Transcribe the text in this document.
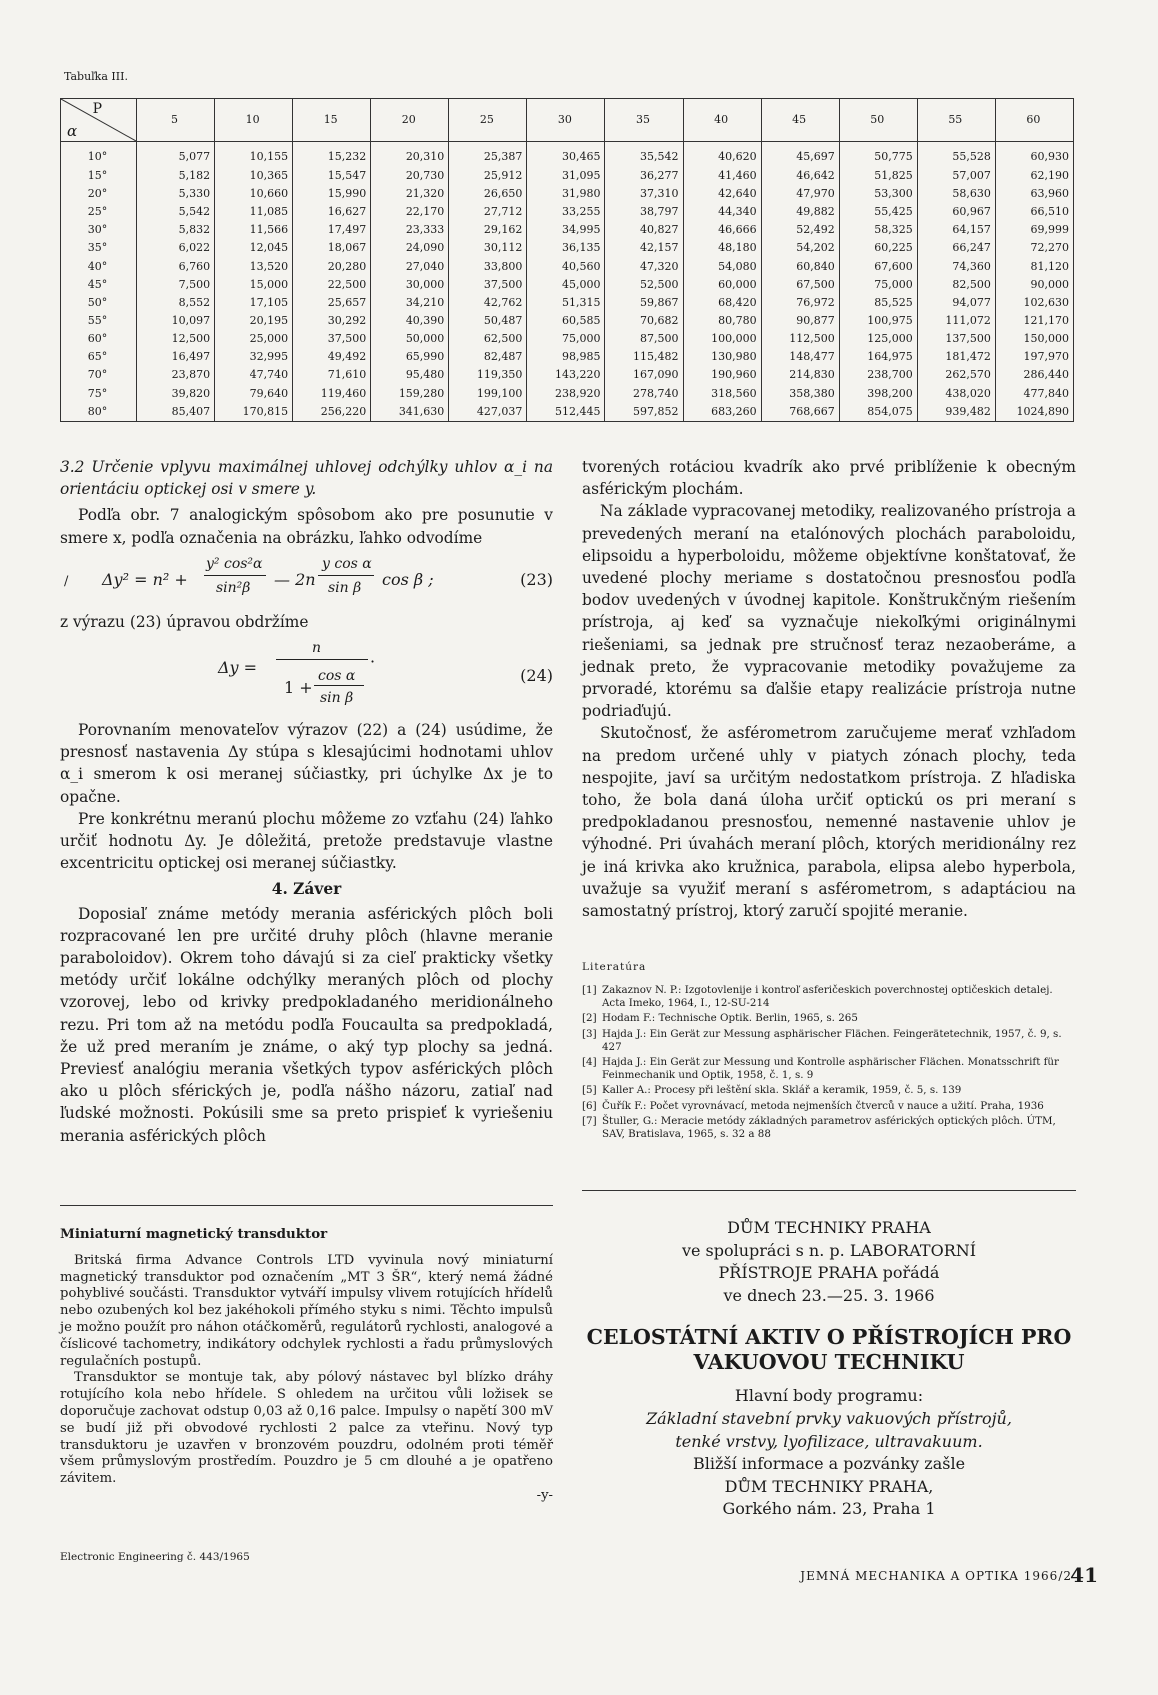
Tabuľka III.
P
α	5	10	15	20	25	30	35	40	45	50	55	60
10°	5,077	10,155	15,232	20,310	25,387	30,465	35,542	40,620	45,697	50,775	55,528	60,930
15°	5,182	10,365	15,547	20,730	25,912	31,095	36,277	41,460	46,642	51,825	57,007	62,190
20°	5,330	10,660	15,990	21,320	26,650	31,980	37,310	42,640	47,970	53,300	58,630	63,960
25°	5,542	11,085	16,627	22,170	27,712	33,255	38,797	44,340	49,882	55,425	60,967	66,510
30°	5,832	11,566	17,497	23,333	29,162	34,995	40,827	46,666	52,492	58,325	64,157	69,999
35°	6,022	12,045	18,067	24,090	30,112	36,135	42,157	48,180	54,202	60,225	66,247	72,270
40°	6,760	13,520	20,280	27,040	33,800	40,560	47,320	54,080	60,840	67,600	74,360	81,120
45°	7,500	15,000	22,500	30,000	37,500	45,000	52,500	60,000	67,500	75,000	82,500	90,000
50°	8,552	17,105	25,657	34,210	42,762	51,315	59,867	68,420	76,972	85,525	94,077	102,630
55°	10,097	20,195	30,292	40,390	50,487	60,585	70,682	80,780	90,877	100,975	111,072	121,170
60°	12,500	25,000	37,500	50,000	62,500	75,000	87,500	100,000	112,500	125,000	137,500	150,000
65°	16,497	32,995	49,492	65,990	82,487	98,985	115,482	130,980	148,477	164,975	181,472	197,970
70°	23,870	47,740	71,610	95,480	119,350	143,220	167,090	190,960	214,830	238,700	262,570	286,440
75°	39,820	79,640	119,460	159,280	199,100	238,920	278,740	318,560	358,380	398,200	438,020	477,840
80°	85,407	170,815	256,220	341,630	427,037	512,445	597,852	683,260	768,667	854,075	939,482	1024,890

3.2 Určenie vplyvu maximálnej uhlovej odchýlky uhlov α_i na orientáciu optickej osi v smere y.

Podľa obr. 7 analogickým spôsobom ako pre posunutie v smere x, podľa označenia na obrázku, ľahko odvodíme

/ Δy² = n² +
y² cos²α
sin²β — 2n
y cos α
sin β cos β ;	(23)

z výrazu (23) úpravou obdržíme

Δy =
n
1 +
cos α
sin β
·
(24)

Porovnaním menovateľov výrazov (22) a (24) usúdime, že presnosť nastavenia Δy stúpa s klesajúcimi hodnotami uhlov α_i smerom k osi meranej súčiastky, pri úchylke Δx je to opačne.

Pre konkrétnu meranú plochu môžeme zo vzťahu (24) ľahko určiť hodnotu Δy. Je dôležitá, pretože predstavuje vlastne excentricitu optickej osi meranej súčiastky.

4. Záver

Doposiaľ známe metódy merania asférických plôch boli rozpracované len pre určité druhy plôch (hlavne meranie paraboloidov). Okrem toho dávajú si za cieľ prakticky všetky metódy určiť lokálne odchýlky meraných plôch od plochy vzorovej, lebo od krivky predpokladaného meridionálneho rezu. Pri tom až na metódu podľa Foucaulta sa predpokladá, že už pred meraním je známe, o aký typ plochy sa jedná. Previesť analógiu merania všetkých typov asférických plôch ako u plôch sférických je, podľa nášho názoru, zatiaľ nad ľudské možnosti. Pokúsili sme sa preto prispieť k vyriešeniu merania asférických plôch

tvorených rotáciou kvadrík ako prvé priblíženie k obecným asférickým plochám.

Na základe vypracovanej metodiky, realizovaného prístroja a prevedených meraní na etalónových plochách paraboloidu, elipsoidu a hyperboloidu, môžeme objektívne konštatovať, že uvedené plochy meriame s dostatočnou presnosťou podľa bodov uvedených v úvodnej kapitole. Konštrukčným riešením prístroja, aj keď sa vyznačuje niekoľkými originálnymi riešeniami, sa jednak pre stručnosť teraz nezaoberáme, a jednak preto, že vypracovanie metodiky považujeme za prvoradé, ktorému sa ďalšie etapy realizácie prístroja nutne podriaďujú.

Skutočnosť, že asférometrom zaručujeme merať vzhľadom na predom určené uhly v piatych zónach plochy, teda nespojite, javí sa určitým nedostatkom prístroja. Z hľadiska toho, že bola daná úloha určiť optickú os pri meraní s predpokladanou presnosťou, nemenné nastavenie uhlov je výhodné. Pri úvahách meraní plôch, ktorých meridionálny rez je iná krivka ako kružnica, parabola, elipsa alebo hyperbola, uvažuje sa využiť meraní s asférometrom, s adaptáciou na samostatný prístroj, ktorý zaručí spojité meranie.

Literatúra
[1] Zakaznov N. P.: Izgotovlenije i kontroľ asferičeskich poverchnostej optičeskich detalej. Acta Imeko, 1964, I., 12-SU-214
[2] Hodam F.: Technische Optik. Berlin, 1965, s. 265
[3] Hajda J.: Ein Gerät zur Messung asphärischer Flächen. Feingerätetechnik, 1957, č. 9, s. 427
[4] Hajda J.: Ein Gerät zur Messung und Kontrolle asphärischer Flächen. Monatsschrift für Feinmechanik und Optik, 1958, č. 1, s. 9
[5] Kaller A.: Procesy při leštění skla. Sklář a keramik, 1959, č. 5, s. 139
[6] Čuřík F.: Počet vyrovnávací, metoda nejmenších čtverců v nauce a užití. Praha, 1936
[7] Štuller, G.: Meracie metódy základných parametrov asférických optických plôch. ÚTM, SAV, Bratislava, 1965, s. 32 a 88
Miniaturní magnetický transduktor

Britská firma Advance Controls LTD vyvinula nový miniaturní magnetický transduktor pod označením „MT 3 ŠR“, který nemá žádné pohyblivé součásti. Transduktor vytváří impulsy vlivem rotujících hřídelů nebo ozubených kol bez jakéhokoli přímého styku s nimi. Těchto impulsů je možno použít pro náhon otáčkoměrů, regulátorů rychlosti, analogové a číslicové tachometry, indikátory odchylek rychlosti a řadu průmyslových regulačních postupů.

Transduktor se montuje tak, aby pólový nástavec byl blízko dráhy rotujícího kola nebo hřídele. S ohledem na určitou vůli ložisek se doporučuje zachovat odstup 0,03 až 0,16 palce. Impulsy o napětí 300 mV se budí již při obvodové rychlosti 2 palce za vteřinu. Nový typ transduktoru je uzavřen v bronzovém pouzdru, odolném proti téměř všem průmyslovým prostředím. Pouzdro je 5 cm dlouhé a je opatřeno závitem.

-y-
Electronic Engineering č. 443/1965
DŮM TECHNIKY PRAHA
ve spolupráci s n. p. LABORATORNÍ
PŘÍSTROJE PRAHA pořádá
ve dnech 23.—25. 3. 1966
CELOSTÁTNÍ AKTIV O PŘÍSTROJÍCH PRO VAKUOVOU TECHNIKU
Hlavní body programu:
Základní stavební prvky vakuových přístrojů,
tenké vrstvy, lyofilizace, ultravakuum.
Bližší informace a pozvánky zašle
DŮM TECHNIKY PRAHA,
Gorkého nám. 23, Praha 1
JEMNÁ MECHANIKA A OPTIKA 1966/2
41
